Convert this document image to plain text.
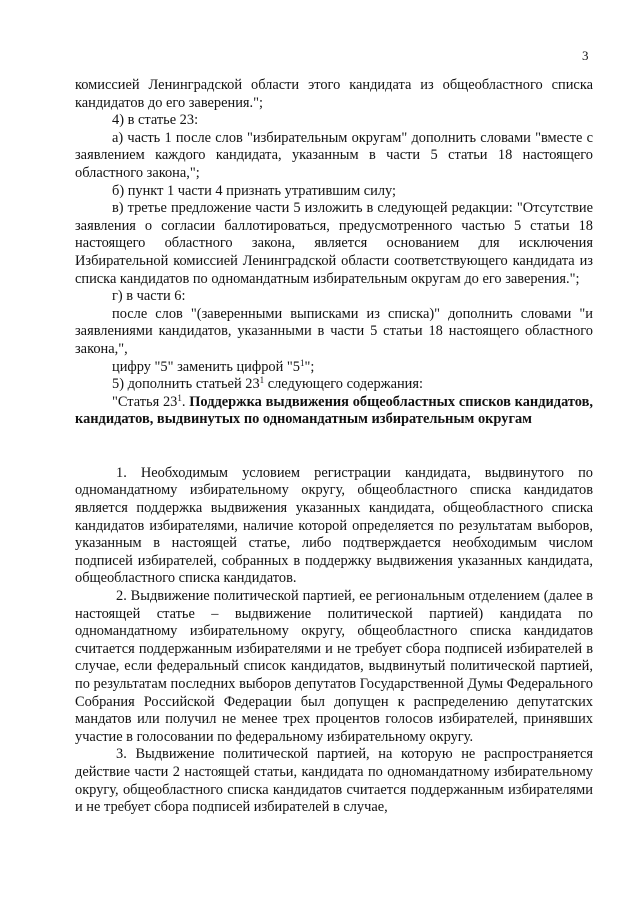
3

комиссией Ленинградской области этого кандидата из общеобластного списка кандидатов до его заверения.";

4) в статье 23:

а) часть 1 после слов "избирательным округам" дополнить словами "вместе с заявлением каждого кандидата, указанным в части 5 статьи 18 настоящего областного закона,";

б) пункт 1 части 4 признать утратившим силу;

в) третье предложение части 5 изложить в следующей редакции: "Отсутствие заявления о согласии баллотироваться, предусмотренного частью 5 статьи 18 настоящего областного закона, является основанием для исключения Избирательной комиссией Ленинградской области соответствующего кандидата из списка кандидатов по одномандатным избирательным округам до его заверения.";

г) в части 6:

после слов "(заверенными выписками из списка)" дополнить словами "и заявлениями кандидатов, указанными в части 5 статьи 18 настоящего областного закона,",

цифру "5" заменить цифрой "$5^1$";

5) дополнить статьей $23^1$ следующего содержания:

"Статья $23^1$. Поддержка выдвижения общеобластных списков кандидатов, кандидатов, выдвинутых по одномандатным избирательным округам

1. Необходимым условием регистрации кандидата, выдвинутого по одномандатному избирательному округу, общеобластного списка кандидатов является поддержка выдвижения указанных кандидата, общеобластного списка кандидатов избирателями, наличие которой определяется по результатам выборов, указанным в настоящей статье, либо подтверждается необходимым числом подписей избирателей, собранных в поддержку выдвижения указанных кандидата, общеобластного списка кандидатов.

2. Выдвижение политической партией, ее региональным отделением (далее в настоящей статье – выдвижение политической партией) кандидата по одномандатному избирательному округу, общеобластного списка кандидатов считается поддержанным избирателями и не требует сбора подписей избирателей в случае, если федеральный список кандидатов, выдвинутый политической партией, по результатам последних выборов депутатов Государственной Думы Федерального Собрания Российской Федерации был допущен к распределению депутатских мандатов или получил не менее трех процентов голосов избирателей, принявших участие в голосовании по федеральному избирательному округу.

3. Выдвижение политической партией, на которую не распространяется действие части 2 настоящей статьи, кандидата по одномандатному избирательному округу, общеобластного списка кандидатов считается поддержанным избирателями и не требует сбора подписей избирателей в случае,
